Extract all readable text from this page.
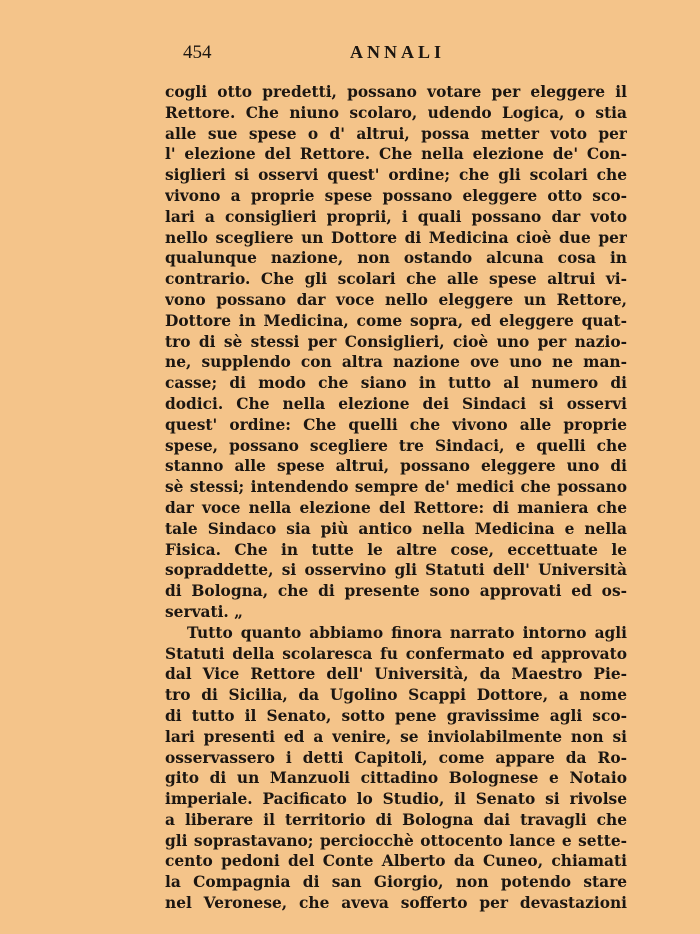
454	ANNALI
cogli otto predetti, possano votare per eleggere il
Rettore. Che niuno scolaro, udendo Logica, o stia
alle sue spese o d' altrui, possa metter voto per
l' elezione del Rettore. Che nella elezione de' Con-
siglieri si osservi quest' ordine; che gli scolari che
vivono a proprie spese possano eleggere otto sco-
lari a consiglieri proprii, i quali possano dar voto
nello scegliere un Dottore di Medicina cioè due per
qualunque nazione, non ostando alcuna cosa in
contrario. Che gli scolari che alle spese altrui vi-
vono possano dar voce nello eleggere un Rettore,
Dottore in Medicina, come sopra, ed eleggere quat-
tro di sè stessi per Consiglieri, cioè uno per nazio-
ne, supplendo con altra nazione ove uno ne man-
casse; di modo che siano in tutto al numero di
dodici. Che nella elezione dei Sindaci si osservi
quest' ordine: Che quelli che vivono alle proprie
spese, possano scegliere tre Sindaci, e quelli che
stanno alle spese altrui, possano eleggere uno di
sè stessi; intendendo sempre de' medici che possano
dar voce nella elezione del Rettore: di maniera che
tale Sindaco sia più antico nella Medicina e nella
Fisica. Che in tutte le altre cose, eccettuate le
sopraddette, si osservino gli Statuti dell' Università
di Bologna, che di presente sono approvati ed os-
servati. „
Tutto quanto abbiamo finora narrato intorno agli
Statuti della scolaresca fu confermato ed approvato
dal Vice Rettore dell' Università, da Maestro Pie-
tro di Sicilia, da Ugolino Scappi Dottore, a nome
di tutto il Senato, sotto pene gravissime agli sco-
lari presenti ed a venire, se inviolabilmente non si
osservassero i detti Capitoli, come appare da Ro-
gito di un Manzuoli cittadino Bolognese e Notaio
imperiale. Pacificato lo Studio, il Senato si rivolse
a liberare il territorio di Bologna dai travagli che
gli soprastavano; perciocchè ottocento lance e sette-
cento pedoni del Conte Alberto da Cuneo, chiamati
la Compagnia di san Giorgio, non potendo stare
nel Veronese, che aveva sofferto per devastazioni
